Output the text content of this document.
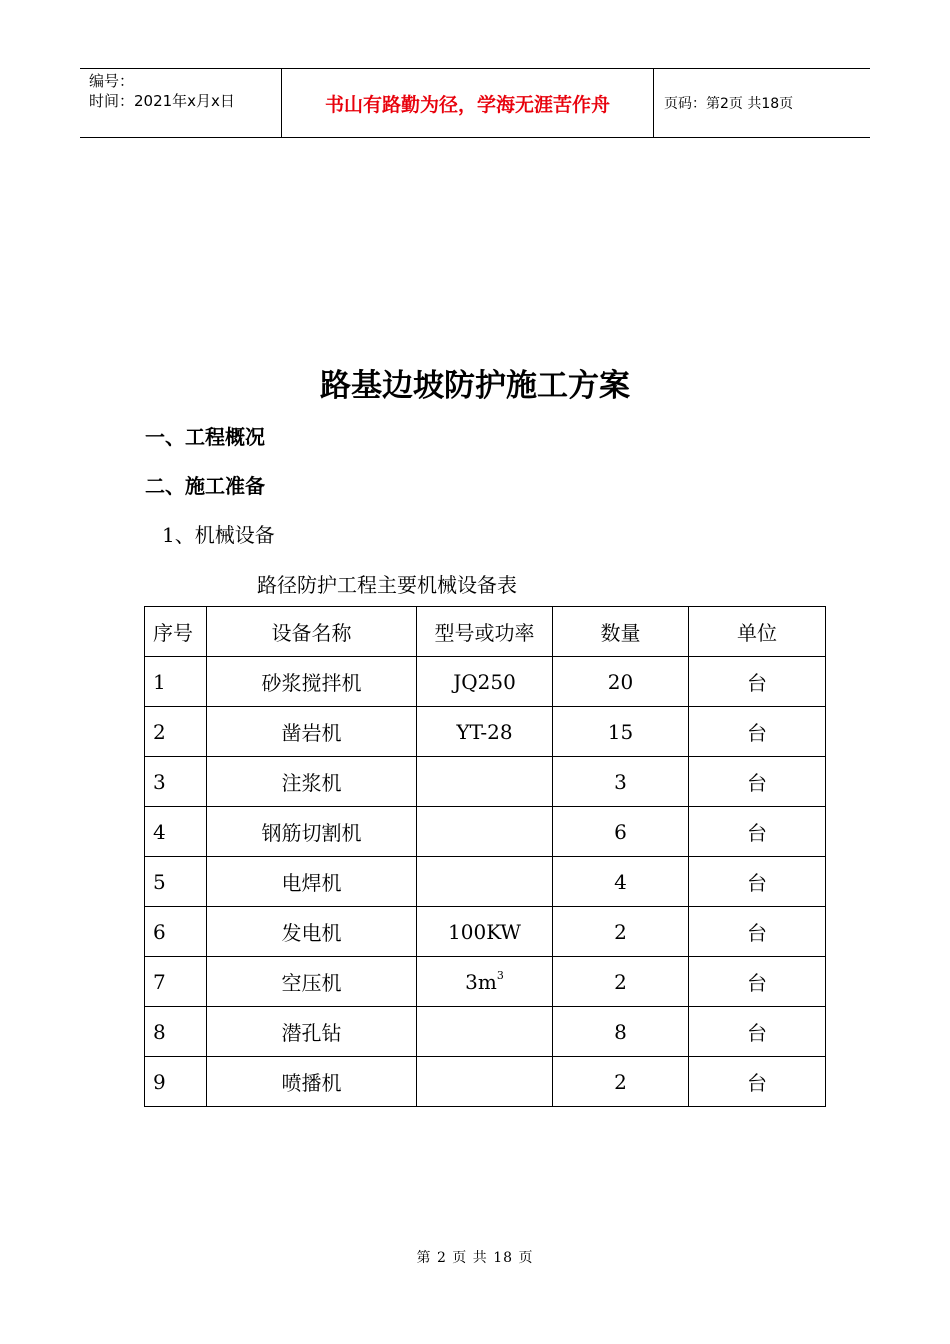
编号：
时间：2021年x月x日	书山有路勤为径，学海无涯苦作舟	页码：第2页 共18页
路基边坡防护施工方案
一、工程概况
二、施工准备
1、机械设备
路径防护工程主要机械设备表
序号	设备名称	型号或功率	数量	单位
1	砂浆搅拌机	JQ250	20	台
2	凿岩机	YT-28	15	台
3	注浆机		3	台
4	钢筋切割机		6	台
5	电焊机		4	台
6	发电机	100KW	2	台
7	空压机	$3m^3$	2	台
8	潜孔钻		8	台
9	喷播机		2	台
第 2 页 共 18 页
